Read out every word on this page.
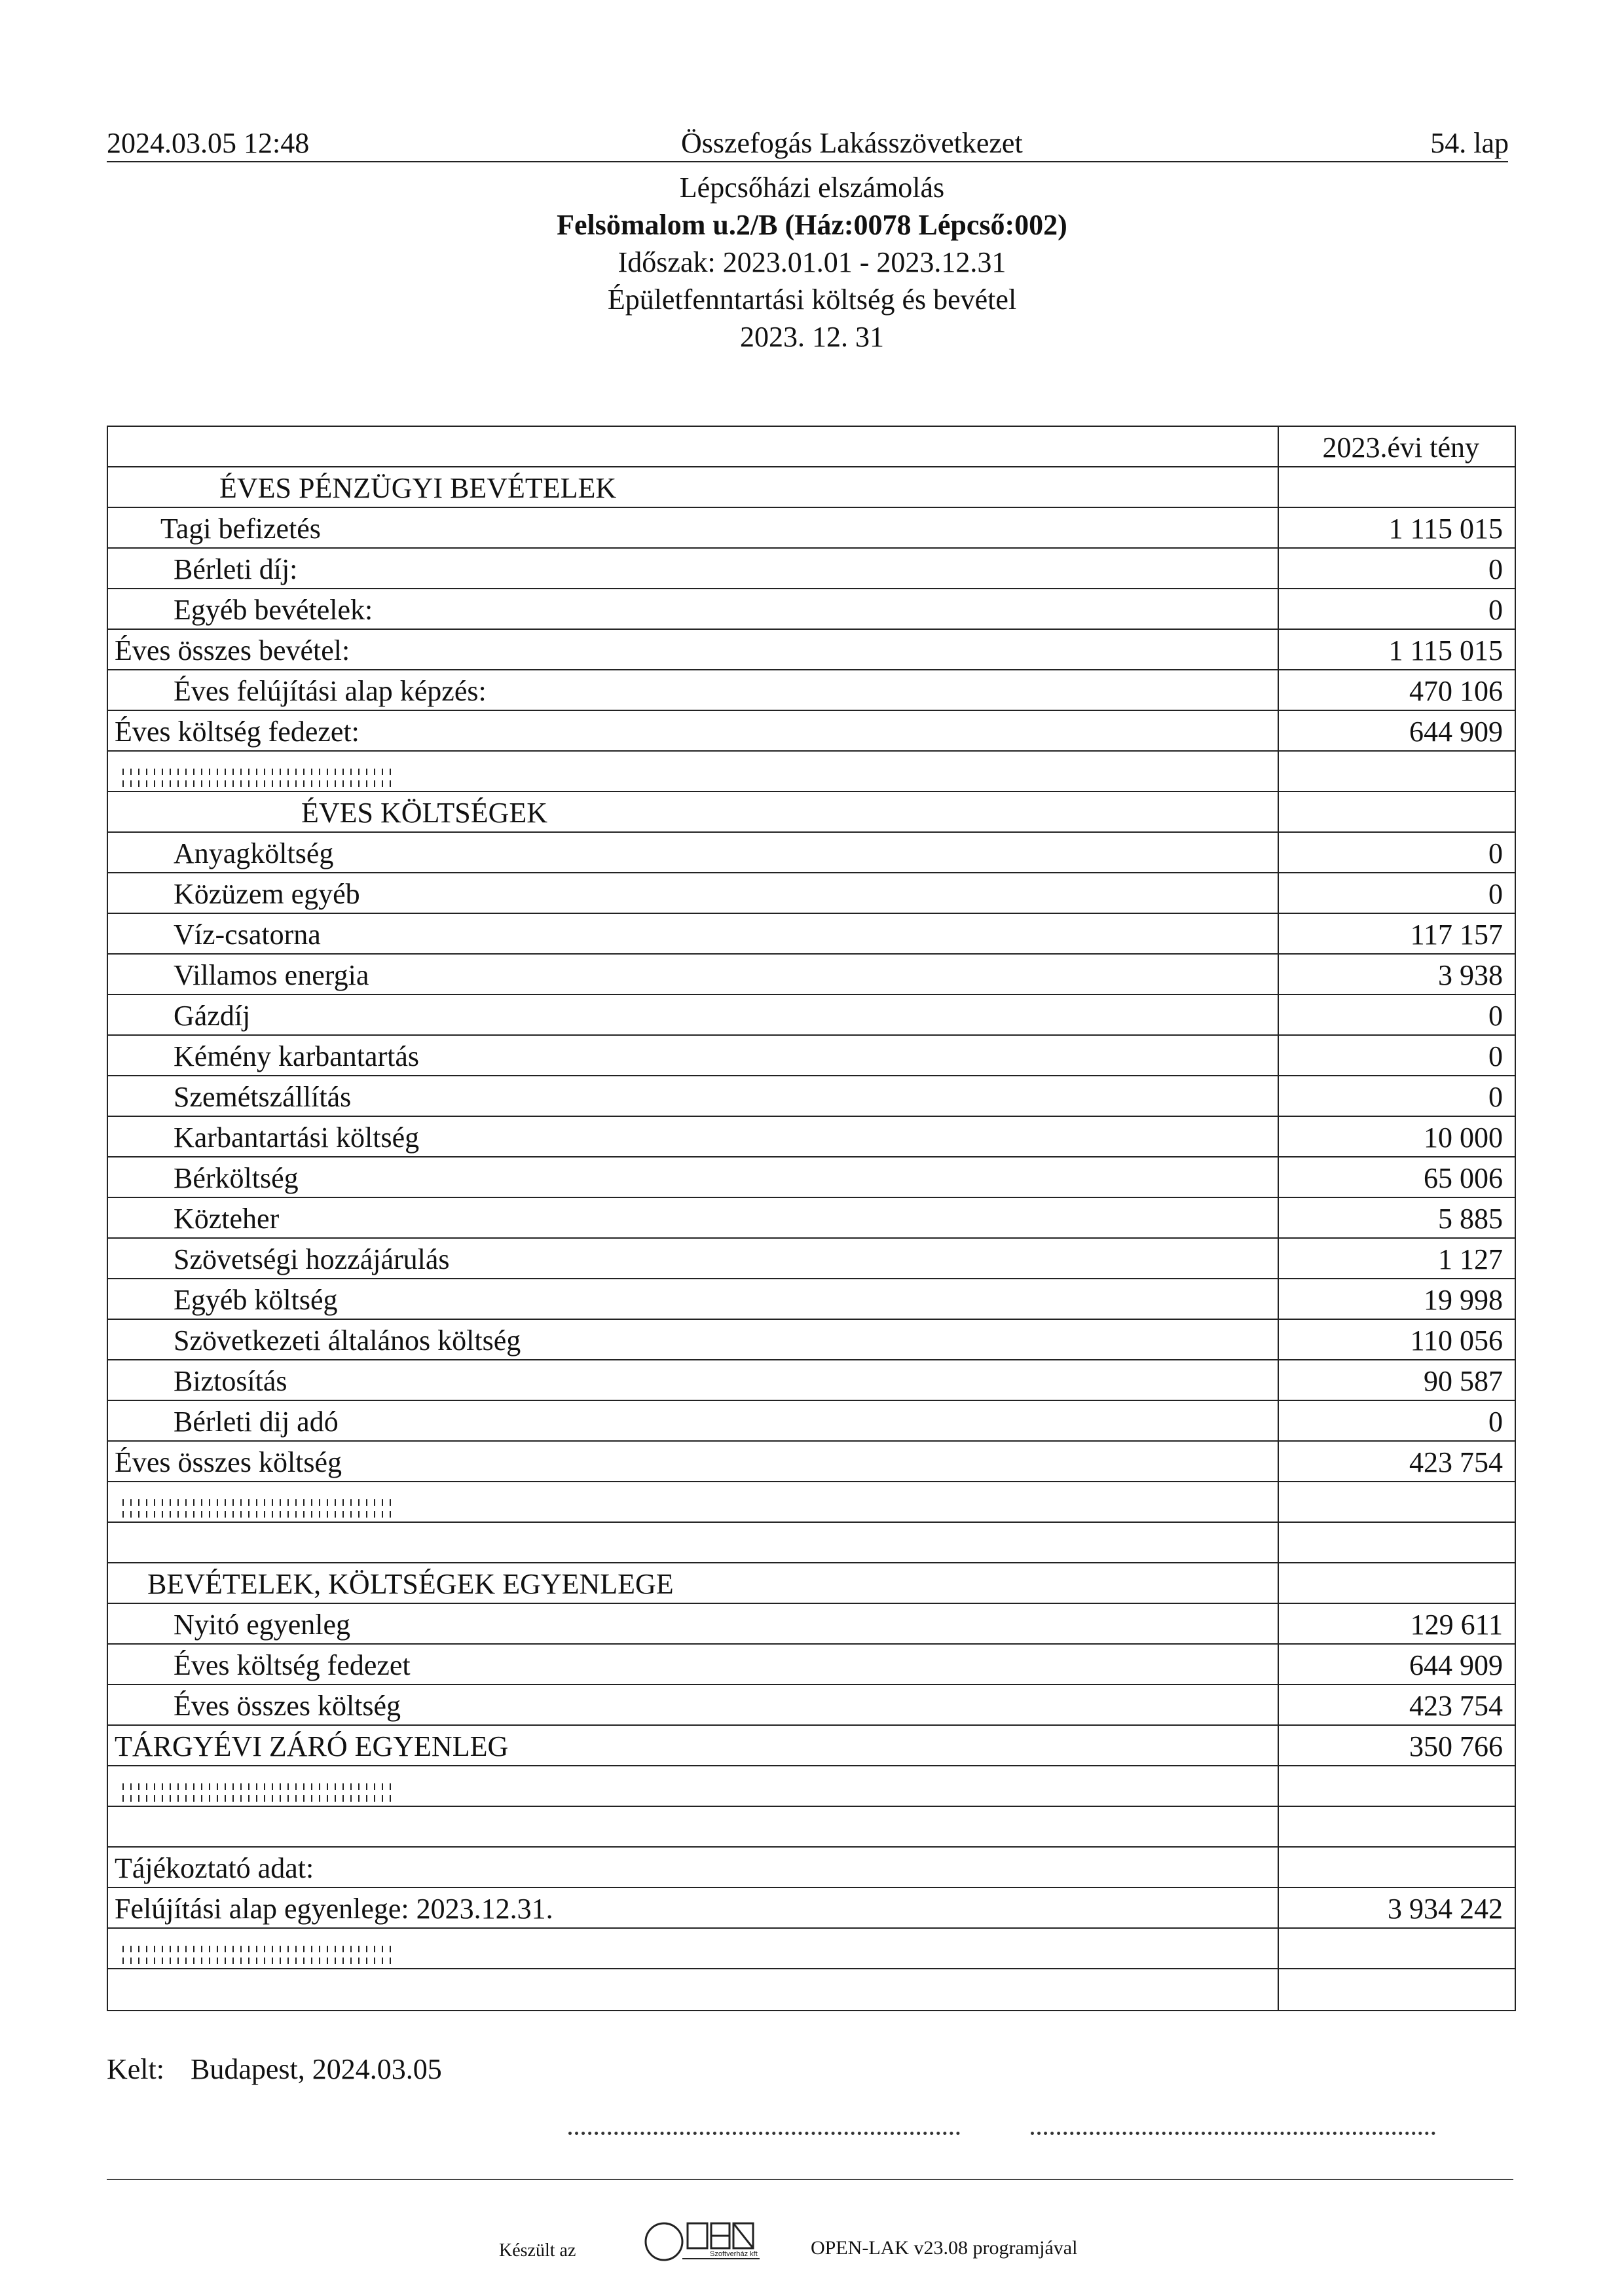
2024.03.05 12:48	Összefogás Lakásszövetkezet	54. lap
Lépcsőházi elszámolás
Felsömalom u.2/B (Ház:0078 Lépcső:002)
Időszak: 2023.01.01 - 2023.12.31
Épületfenntartási költség és bevétel
2023. 12. 31
2023.évi tény
ÉVES PÉNZÜGYI BEVÉTELEK
Tagi befizetés	1 115 015
Bérleti díj:	0
Egyéb bevételek:	0
Éves összes bevétel:	1 115 015
Éves felújítási alap képzés:	470 106
Éves költség fedezet:	644 909
ÉVES KÖLTSÉGEK
Anyagköltség	0
Közüzem egyéb	0
Víz-csatorna	117 157
Villamos energia	3 938
Gázdíj	0
Kémény karbantartás	0
Szemétszállítás	0
Karbantartási költség	10 000
Bérköltség	65 006
Közteher	5 885
Szövetségi hozzájárulás	1 127
Egyéb költség	19 998
Szövetkezeti általános költség	110 056
Biztosítás	90 587
Bérleti dij adó	0
Éves összes költség	423 754
BEVÉTELEK, KÖLTSÉGEK EGYENLEGE
Nyitó egyenleg	129 611
Éves költség fedezet	644 909
Éves összes költség	423 754
TÁRGYÉVI ZÁRÓ EGYENLEG	350 766
Tájékoztató adat:
Felújítási alap egyenlege: 2023.12.31.	3 934 242
Kelt: Budapest, 2024.03.05
Készült az	Szoftverház kft	OPEN-LAK v23.08 programjával
